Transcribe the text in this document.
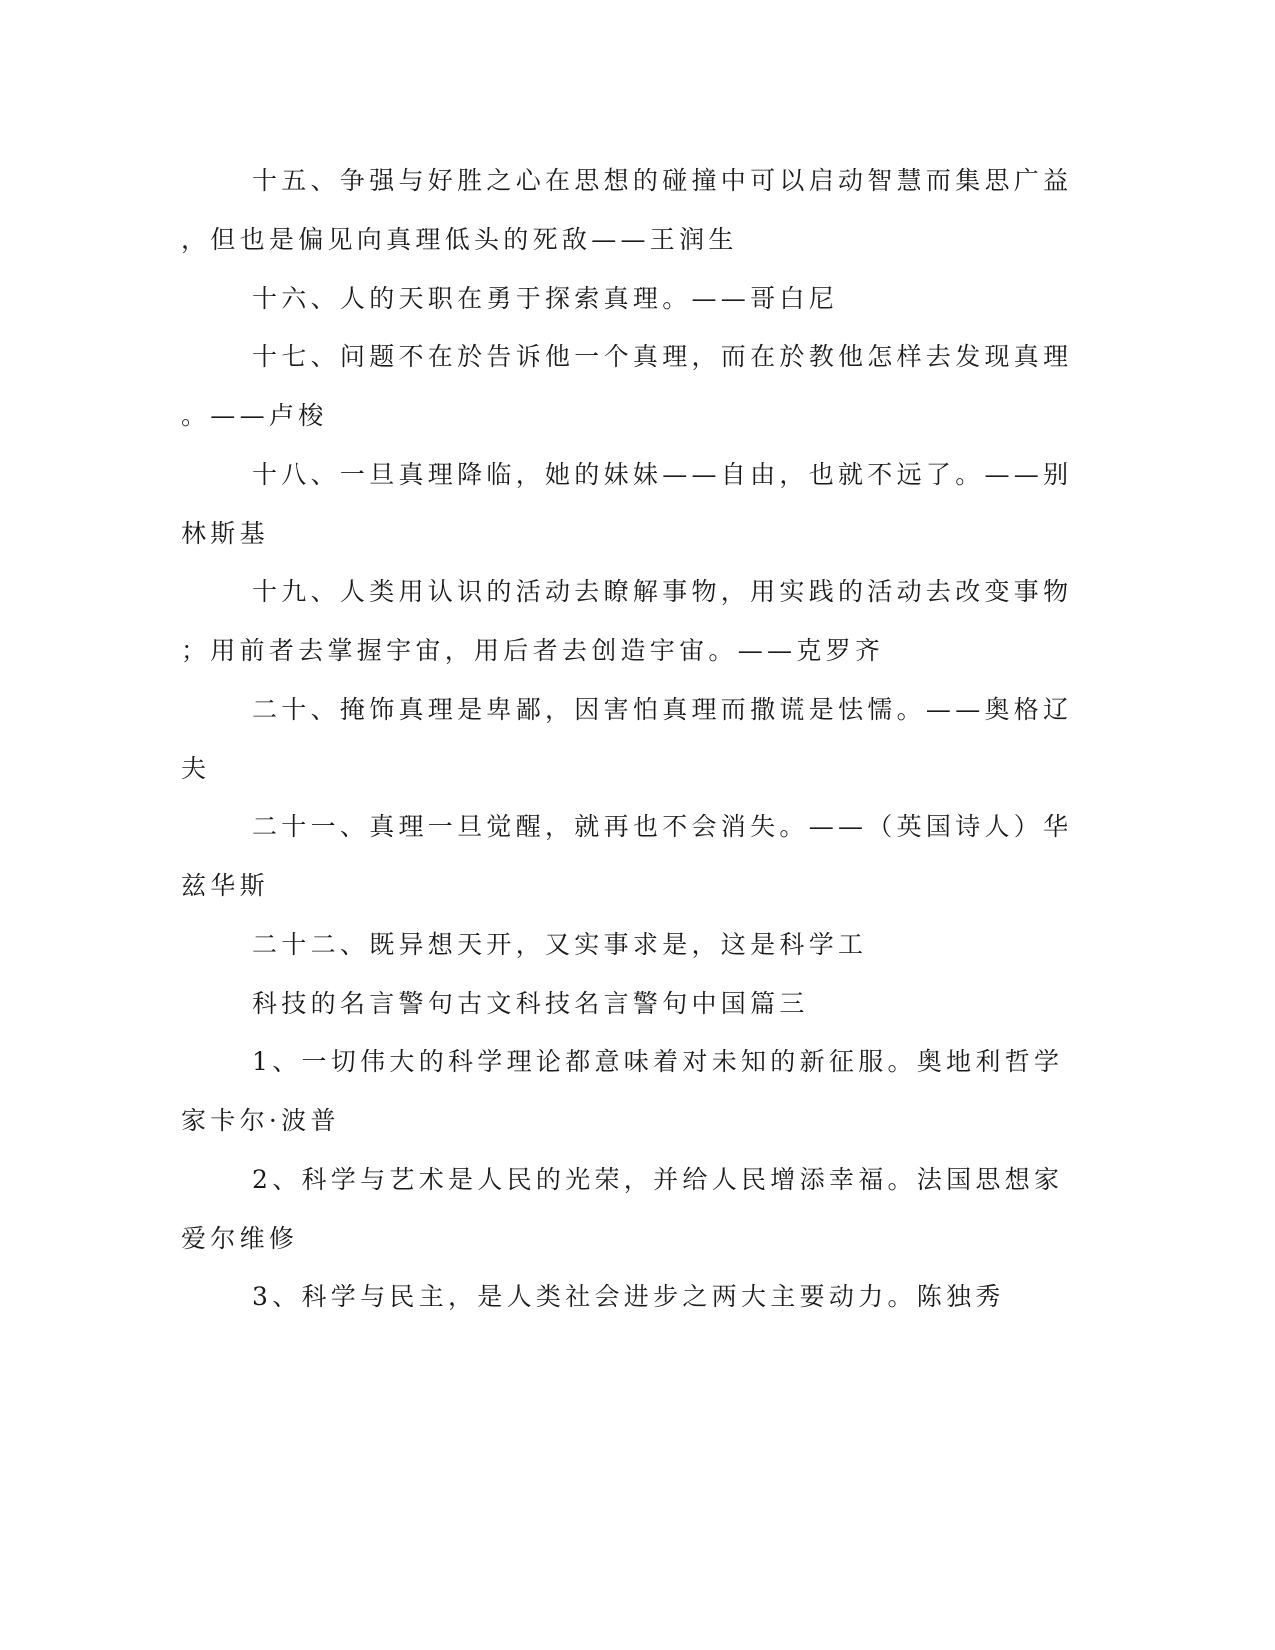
十五、争强与好胜之心在思想的碰撞中可以启动智慧而集思广益
，但也是偏见向真理低头的死敌——王润生
十六、人的天职在勇于探索真理。——哥白尼
十七、问题不在於告诉他一个真理，而在於教他怎样去发现真理
。——卢梭
十八、一旦真理降临，她的妹妹——自由，也就不远了。——别
林斯基
十九、人类用认识的活动去瞭解事物，用实践的活动去改变事物
；用前者去掌握宇宙，用后者去创造宇宙。——克罗齐
二十、掩饰真理是卑鄙，因害怕真理而撒谎是怯懦。——奥格辽
夫
二十一、真理一旦觉醒，就再也不会消失。——（英国诗人）华
兹华斯
二十二、既异想天开，又实事求是，这是科学工
科技的名言警句古文科技名言警句中国篇三
1、一切伟大的科学理论都意味着对未知的新征服。奥地利哲学
家卡尔·波普
2、科学与艺术是人民的光荣，并给人民增添幸福。法国思想家
爱尔维修
3、科学与民主，是人类社会进步之两大主要动力。陈独秀
